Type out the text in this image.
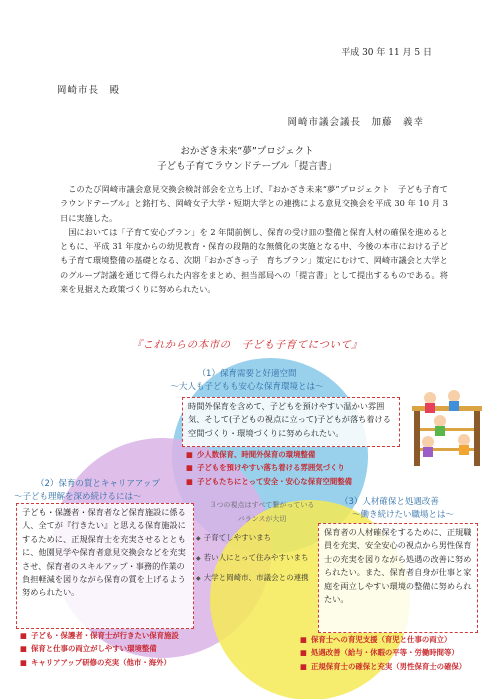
平成 30 年 11 月 5 日
岡崎市長　殿
岡崎市議会議長　加藤　義幸
おかざき未来“夢”プロジェクト
子ども子育てラウンドテーブル「提言書」

このたび岡崎市議会意見交換会検討部会を立ち上げ、『おかざき未来“夢”プロジェクト　子ども子育てラウンドテーブル』と銘打ち、岡崎女子大学・短期大学との連携による意見交換会を平成 30 年 10 月 3 日に実施した。

国においては「子育て安心プラン」を 2 年間前倒し、保育の受け皿の整備と保育人材の確保を進めるとともに、平成 31 年度からの幼児教育・保育の段階的な無償化の実施となる中、今後の本市における子ども子育て環境整備の基礎となる、次期「おかざきっ子　育ちプラン」策定にむけて、岡崎市議会と大学とのグループ討議を通じて得られた内容をまとめ、担当部局への「提言書」として提出するものである。将来を見据えた政策づくりに努められたい。

『これからの本市の　子ども子育てについて』
（1）保育需要と好適空間
～大人も子どもも安心な保育環境とは～
時間外保育を含めて、子どもを預けやすい温かい雰囲気、そして(子どもの視点に立って)子どもが落ち着ける空間づくり・環境づくりに努められたい。
■ 少人数保育、時間外保育の環境整備
■ 子どもを預けやすい落ち着ける雰囲気づくり
■ 子どもたちにとって安全・安心な保育空間整備
（2）保育の質とキャリアアップ
～子ども理解を深め続けるには～
子ども・保護者・保育者など保育施設に係る人、全てが『行きたい』と思える保育施設にするために、正規保育士を充実させるとともに、他園見学や保育者意見交換会などを充実させ、保育者のスキルアップ・事務的作業の負担軽減を図りながら保育の質を上げるよう努められたい。
■ 子ども・保護者・保育士が行きたい保育施設
■ 保育と仕事の両立がしやすい環境整備
■ キャリアアップ研修の充実（他市・海外）
３つの視点はすべて繋がっている
バランスが大切
◆ 子育てしやすいまち
◆ 若い人にとって住みやすいまち
◆ 大学と岡崎市、市議会との連携
（3）人材確保と処遇改善
～働き続けたい職場とは～
保育者の人材確保をするために、正規職員を充実、安全安心の視点から男性保育士の充実を図りながら処遇の改善に努められたい。また、保育者自身が仕事と家庭を両立しやすい環境の整備に努められたい。
■ 保育士への育児支援（育児と仕事の両立）
■ 処遇改善（給与・休暇の平等・労働時間等）
■ 正規保育士の確保と充実（男性保育士の確保）
